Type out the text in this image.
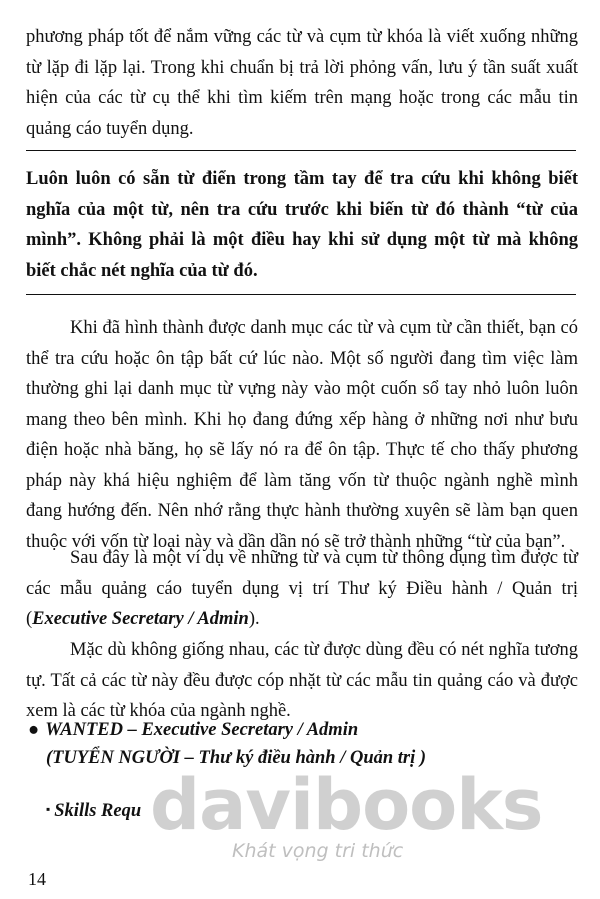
phương pháp tốt để nắm vững các từ và cụm từ khóa là viết xuống những từ lặp đi lặp lại. Trong khi chuẩn bị trả lời phỏng vấn, lưu ý tần suất xuất hiện của các từ cụ thể khi tìm kiếm trên mạng hoặc trong các mẫu tin quảng cáo tuyển dụng.

Luôn luôn có sẵn từ điển trong tầm tay để tra cứu khi không biết nghĩa của một từ, nên tra cứu trước khi biến từ đó thành “từ của mình”. Không phải là một điều hay khi sử dụng một từ mà không biết chắc nét nghĩa của từ đó.

Khi đã hình thành được danh mục các từ và cụm từ cần thiết, bạn có thể tra cứu hoặc ôn tập bất cứ lúc nào. Một số người đang tìm việc làm thường ghi lại danh mục từ vựng này vào một cuốn sổ tay nhỏ luôn luôn mang theo bên mình. Khi họ đang đứng xếp hàng ở những nơi như bưu điện hoặc nhà băng, họ sẽ lấy nó ra để ôn tập. Thực tế cho thấy phương pháp này khá hiệu nghiệm để làm tăng vốn từ thuộc ngành nghề mình đang hướng đến. Nên nhớ rằng thực hành thường xuyên sẽ làm bạn quen thuộc với vốn từ loại này và dần dần nó sẽ trở thành những “từ của bạn”.

Sau đây là một ví dụ về những từ và cụm từ thông dụng tìm được từ các mẫu quảng cáo tuyển dụng vị trí Thư ký Điều hành / Quản trị (Executive Secretary / Admin).

Mặc dù không giống nhau, các từ được dùng đều có nét nghĩa tương tự. Tất cả các từ này đều được cóp nhặt từ các mẫu tin quảng cáo và được xem là các từ khóa của ngành nghề.

● WANTED – Executive Secretary / Admin
(TUYỂN NGƯỜI – Thư ký điều hành / Quản trị )
▪ Skills Requ davibooks
Khát vọng tri thức
14
